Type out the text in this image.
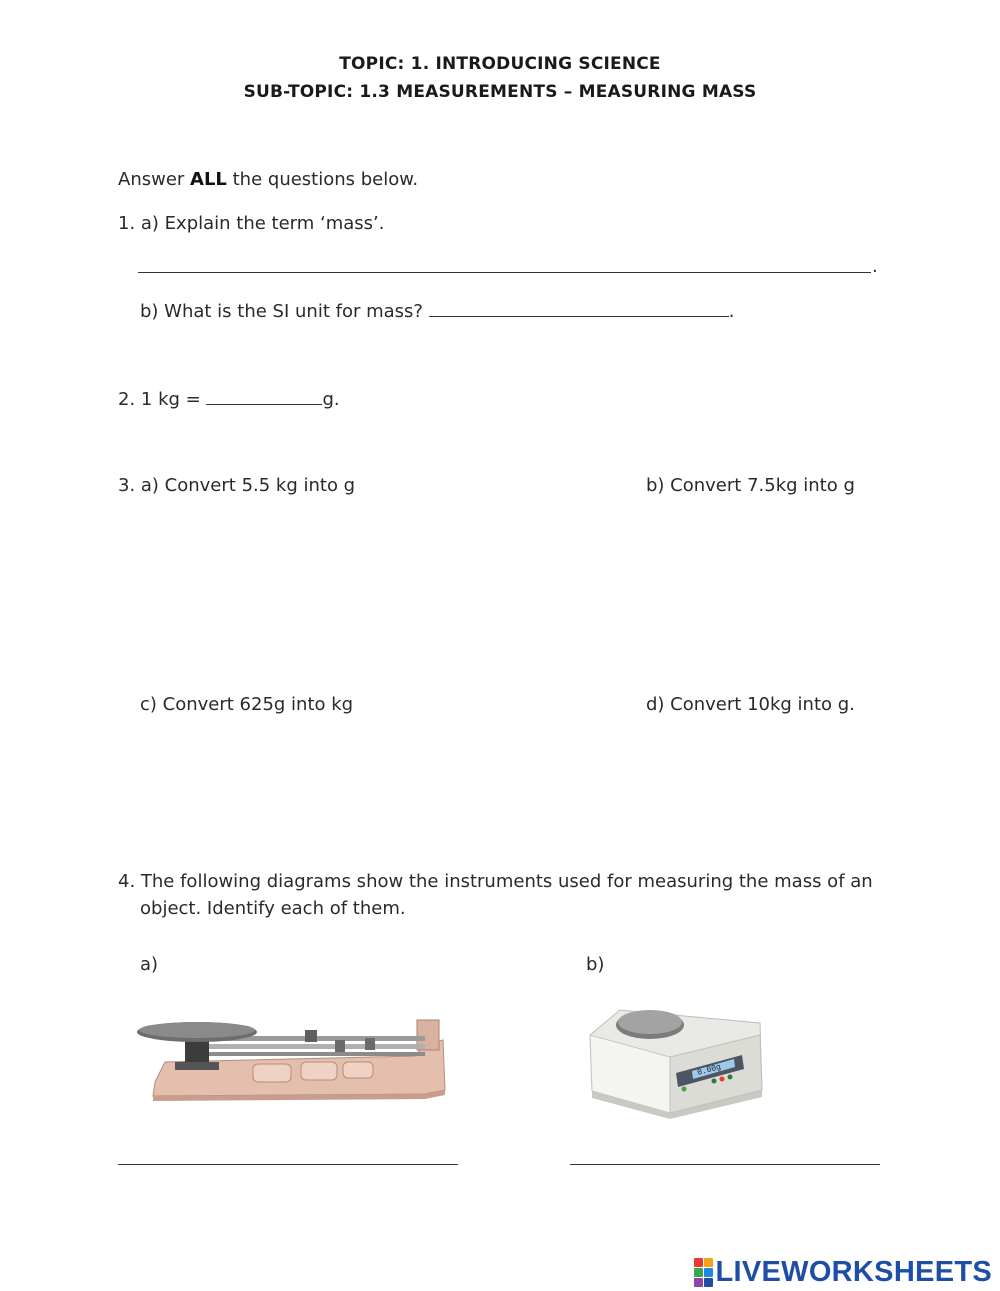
TOPIC: 1. INTRODUCING SCIENCE
SUB-TOPIC: 1.3 MEASUREMENTS – MEASURING MASS
Answer ALL the questions below.
1. a) Explain the term ‘mass’.
.
b) What is the SI unit for mass?	.
2. 1 kg =	g.
3. a) Convert 5.5 kg into g	b) Convert 7.5kg into g
c) Convert 625g into kg	d) Convert 10kg into g.
4. The following diagrams show the instruments used for measuring the mass of an
object. Identify each of them.
a)	b)
0.00g
LIVEWORKSHEETS
